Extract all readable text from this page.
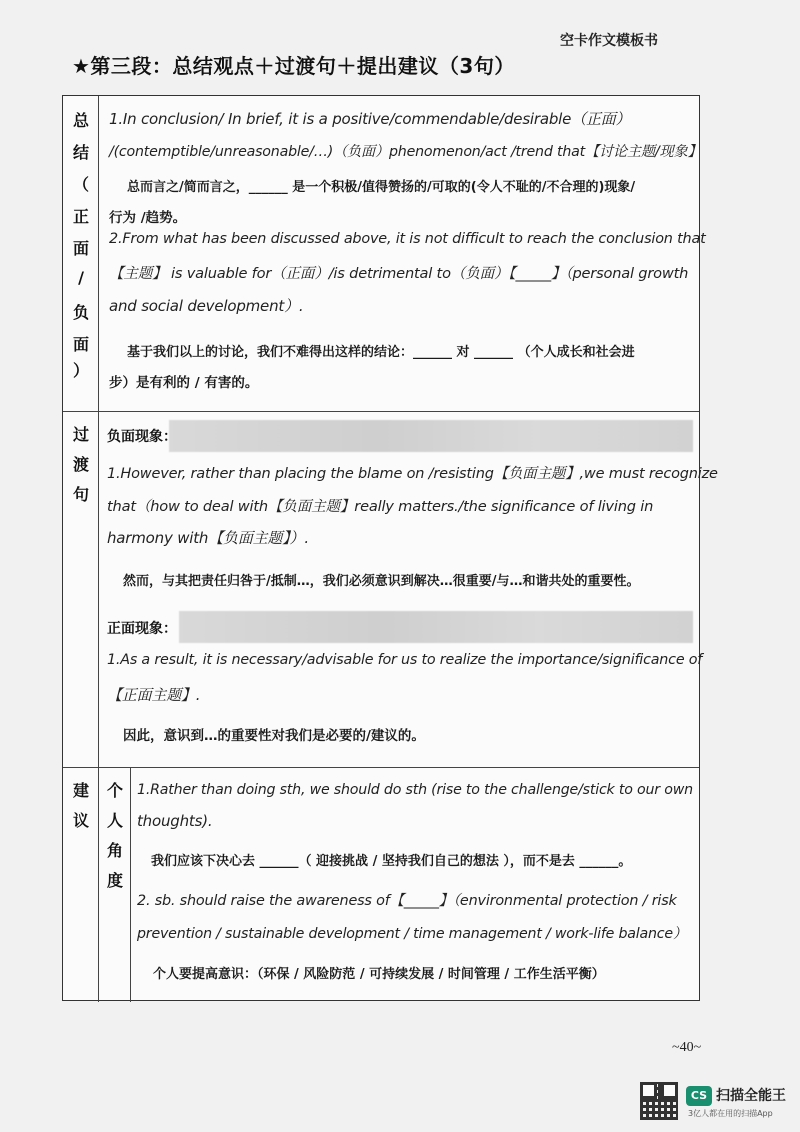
空卡作文模板书
★第三段：总结观点＋过渡句＋提出建议（3句）
总
结
（
正
面
/
负
面
）
1.In conclusion/ In brief, it is a positive/commendable/desirable（正面）
/(contemptible/unreasonable/…)（负面）phenomenon/act /trend that【讨论主题/现象】
总而言之/简而言之，______ 是一个积极/值得赞扬的/可取的(令人不耻的/不合理的)现象/
行为 /趋势。
2.From what has been discussed above, it is not difficult to reach the conclusion that
【主题】 is valuable for（正面）/is detrimental to（负面）【_____】（personal growth
and social development）.
基于我们以上的讨论，我们不难得出这样的结论：______ 对 ______ （个人成长和社会进
步）是有利的 / 有害的。
过
渡
句
负面现象：
1.However, rather than placing the blame on /resisting【负面主题】,we must recognize
that（how to deal with【负面主题】really matters./the significance of living in
harmony with【负面主题】）.
然而，与其把责任归咎于/抵制…，我们必须意识到解决…很重要/与…和谐共处的重要性。
正面现象：
1.As a result, it is necessary/advisable for us to realize the importance/significance of
【正面主题】.
因此，意识到…的重要性对我们是必要的/建议的。
建
议
个
人
角
度
1.Rather than doing sth, we should do sth (rise to the challenge/stick to our own
thoughts).
我们应该下决心去 ______（ 迎接挑战 / 坚持我们自己的想法 ），而不是去 ______。
2. sb. should raise the awareness of【_____】（environmental protection / risk
prevention / sustainable development / time management / work-life balance）
个人要提高意识：（环保 / 风险防范 / 可持续发展 / 时间管理 / 工作生活平衡）
~40~
CS 扫描全能王
3亿人都在用的扫描App
